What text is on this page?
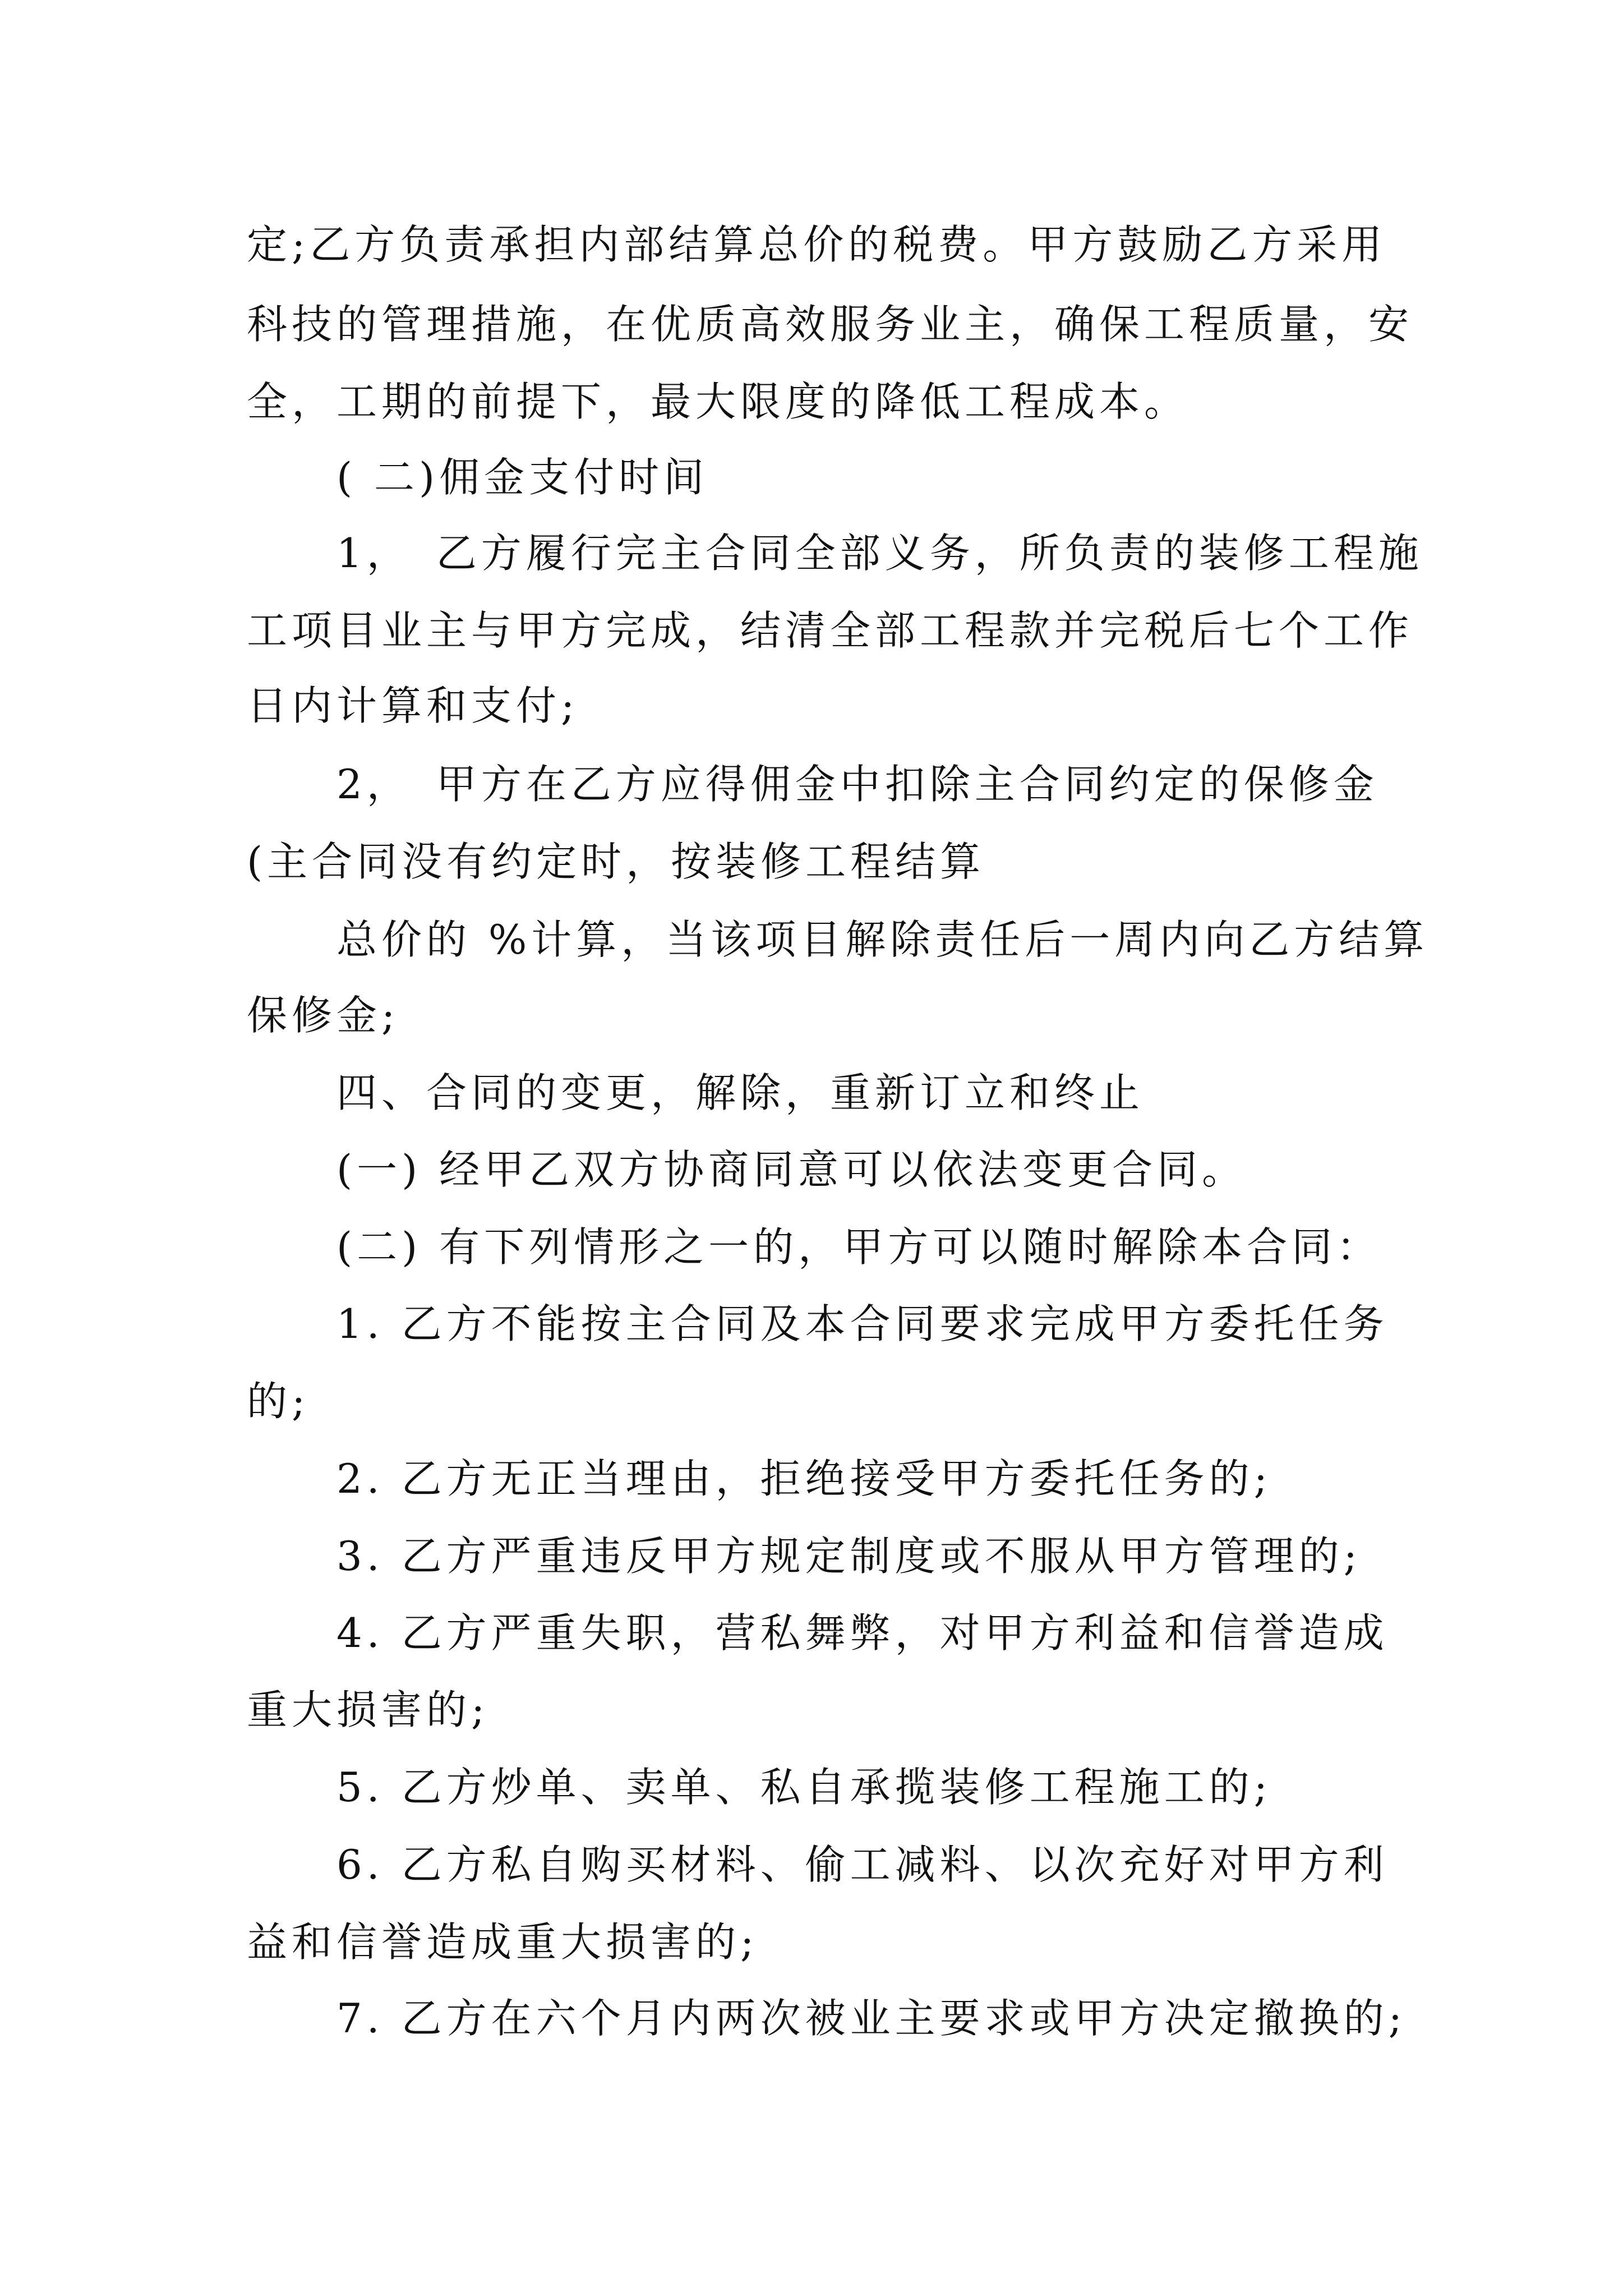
定;乙方负责承担内部结算总价的税费。甲方鼓励乙方采用
科技的管理措施，在优质高效服务业主，确保工程质量，安
全，工期的前提下，最大限度的降低工程成本。
( 二)佣金支付时间
1，　乙方履行完主合同全部义务，所负责的装修工程施
工项目业主与甲方完成，结清全部工程款并完税后七个工作
日内计算和支付;
2，　甲方在乙方应得佣金中扣除主合同约定的保修金
(主合同没有约定时，按装修工程结算
总价的 %计算，当该项目解除责任后一周内向乙方结算
保修金;
四、合同的变更，解除，重新订立和终止
(一) 经甲乙双方协商同意可以依法变更合同。
(二) 有下列情形之一的，甲方可以随时解除本合同：
1. 乙方不能按主合同及本合同要求完成甲方委托任务
的;
2. 乙方无正当理由，拒绝接受甲方委托任务的;
3. 乙方严重违反甲方规定制度或不服从甲方管理的;
4. 乙方严重失职，营私舞弊，对甲方利益和信誉造成
重大损害的;
5. 乙方炒单、卖单、私自承揽装修工程施工的;
6. 乙方私自购买材料、偷工减料、以次充好对甲方利
益和信誉造成重大损害的;
7. 乙方在六个月内两次被业主要求或甲方决定撤换的;
